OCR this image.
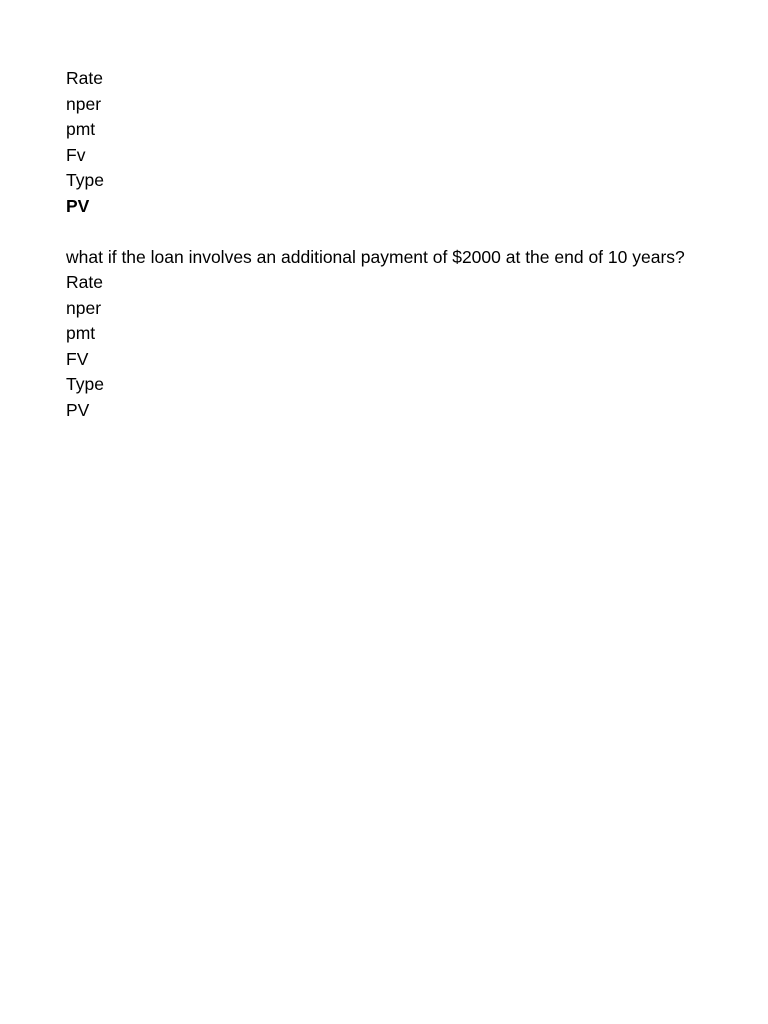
Rate
nper
pmt
Fv
Type
PV
what if the loan involves an additional payment of $2000 at the end of 10 years?
Rate
nper
pmt
FV
Type
PV
